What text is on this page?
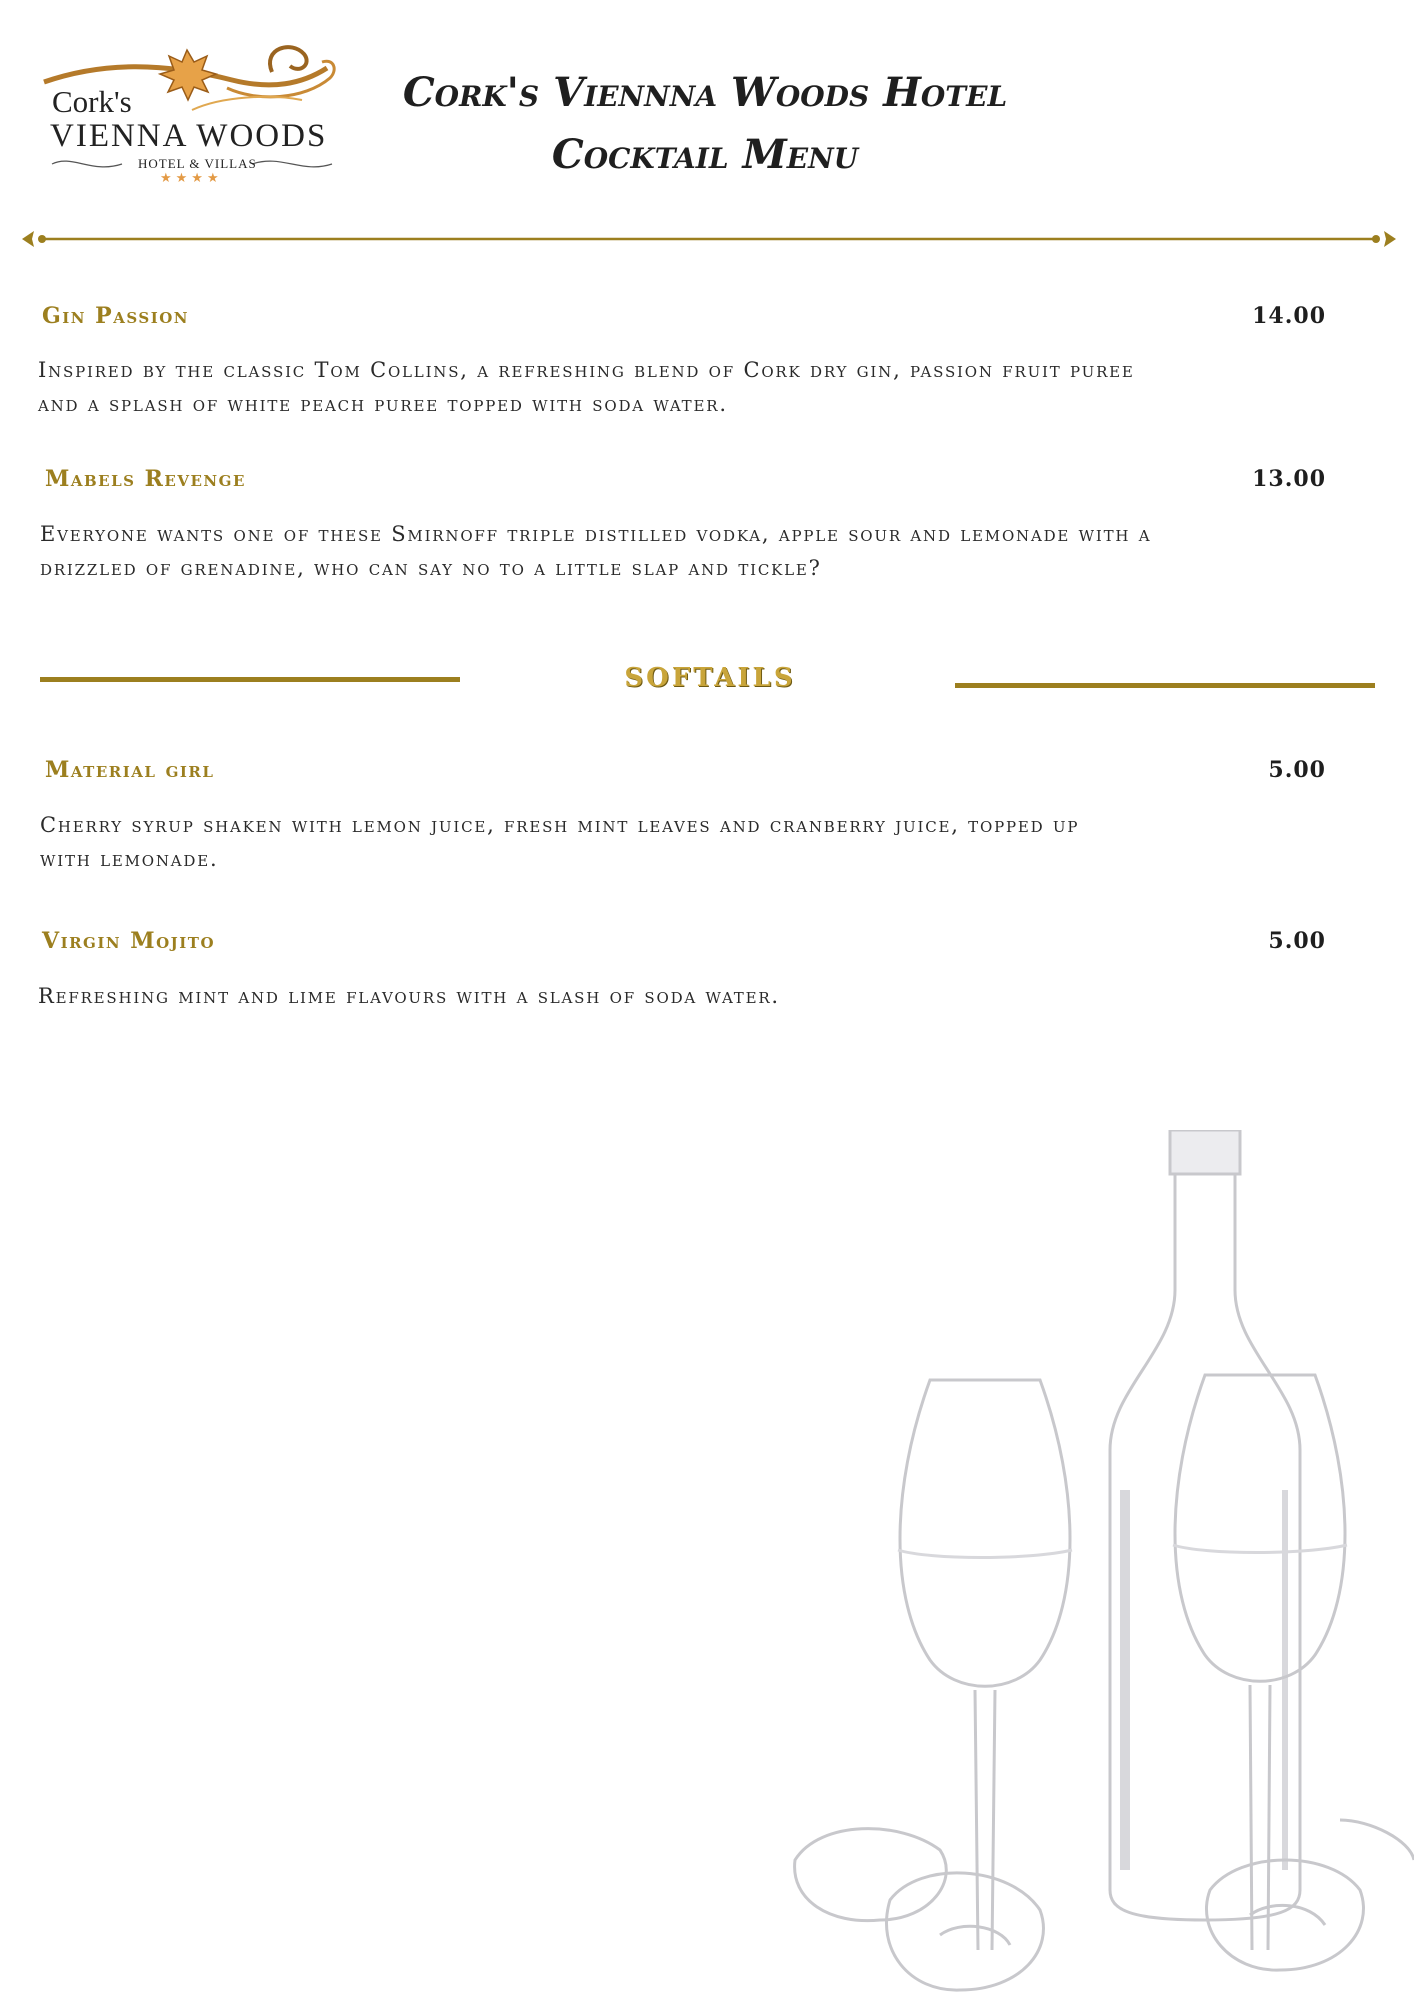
Cork's
VIENNA WOODS
HOTEL & VILLAS
★★★★
Cork's Viennna Woods Hotel
Cocktail Menu
Gin Passion	14.00
Inspired by the classic Tom Collins, a refreshing blend of Cork dry gin, passion fruit puree and a splash of white peach puree topped with soda water.
Mabels Revenge	13.00
Everyone wants one of these Smirnoff triple distilled vodka, apple sour and lemonade with a drizzled of grenadine, who can say no to a little slap and tickle?
SOFTAILS
Material girl	5.00
Cherry syrup shaken with lemon juice, fresh mint leaves and cranberry juice, topped up with lemonade.
Virgin Mojito	5.00
Refreshing mint and lime flavours with a slash of soda water.
